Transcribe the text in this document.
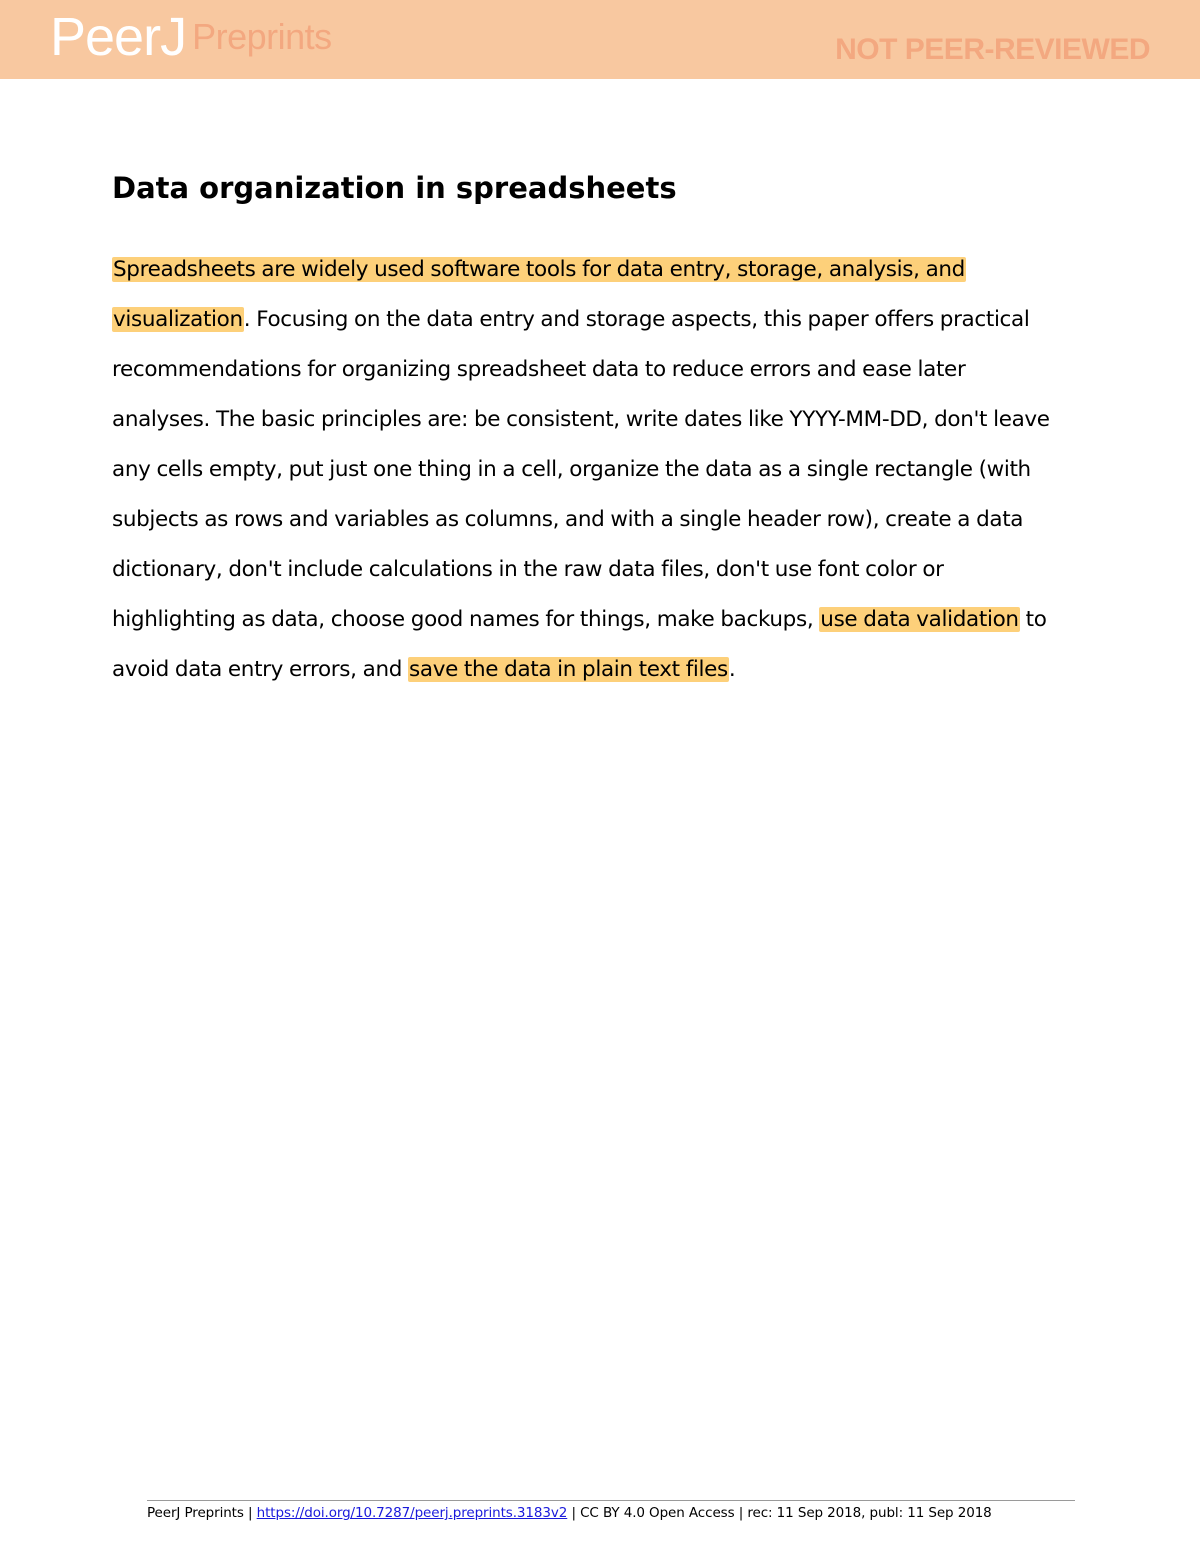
PeerJ Preprints	NOT PEER-REVIEWED
Data organization in spreadsheets
Spreadsheets are widely used software tools for data entry, storage, analysis, and
visualization. Focusing on the data entry and storage aspects, this paper offers practical
recommendations for organizing spreadsheet data to reduce errors and ease later
analyses. The basic principles are: be consistent, write dates like YYYY-MM-DD, don't leave
any cells empty, put just one thing in a cell, organize the data as a single rectangle (with
subjects as rows and variables as columns, and with a single header row), create a data
dictionary, don't include calculations in the raw data files, don't use font color or
highlighting as data, choose good names for things, make backups, use data validation to
avoid data entry errors, and save the data in plain text files.
PeerJ Preprints | https://doi.org/10.7287/peerj.preprints.3183v2 | CC BY 4.0 Open Access | rec: 11 Sep 2018, publ: 11 Sep 2018
